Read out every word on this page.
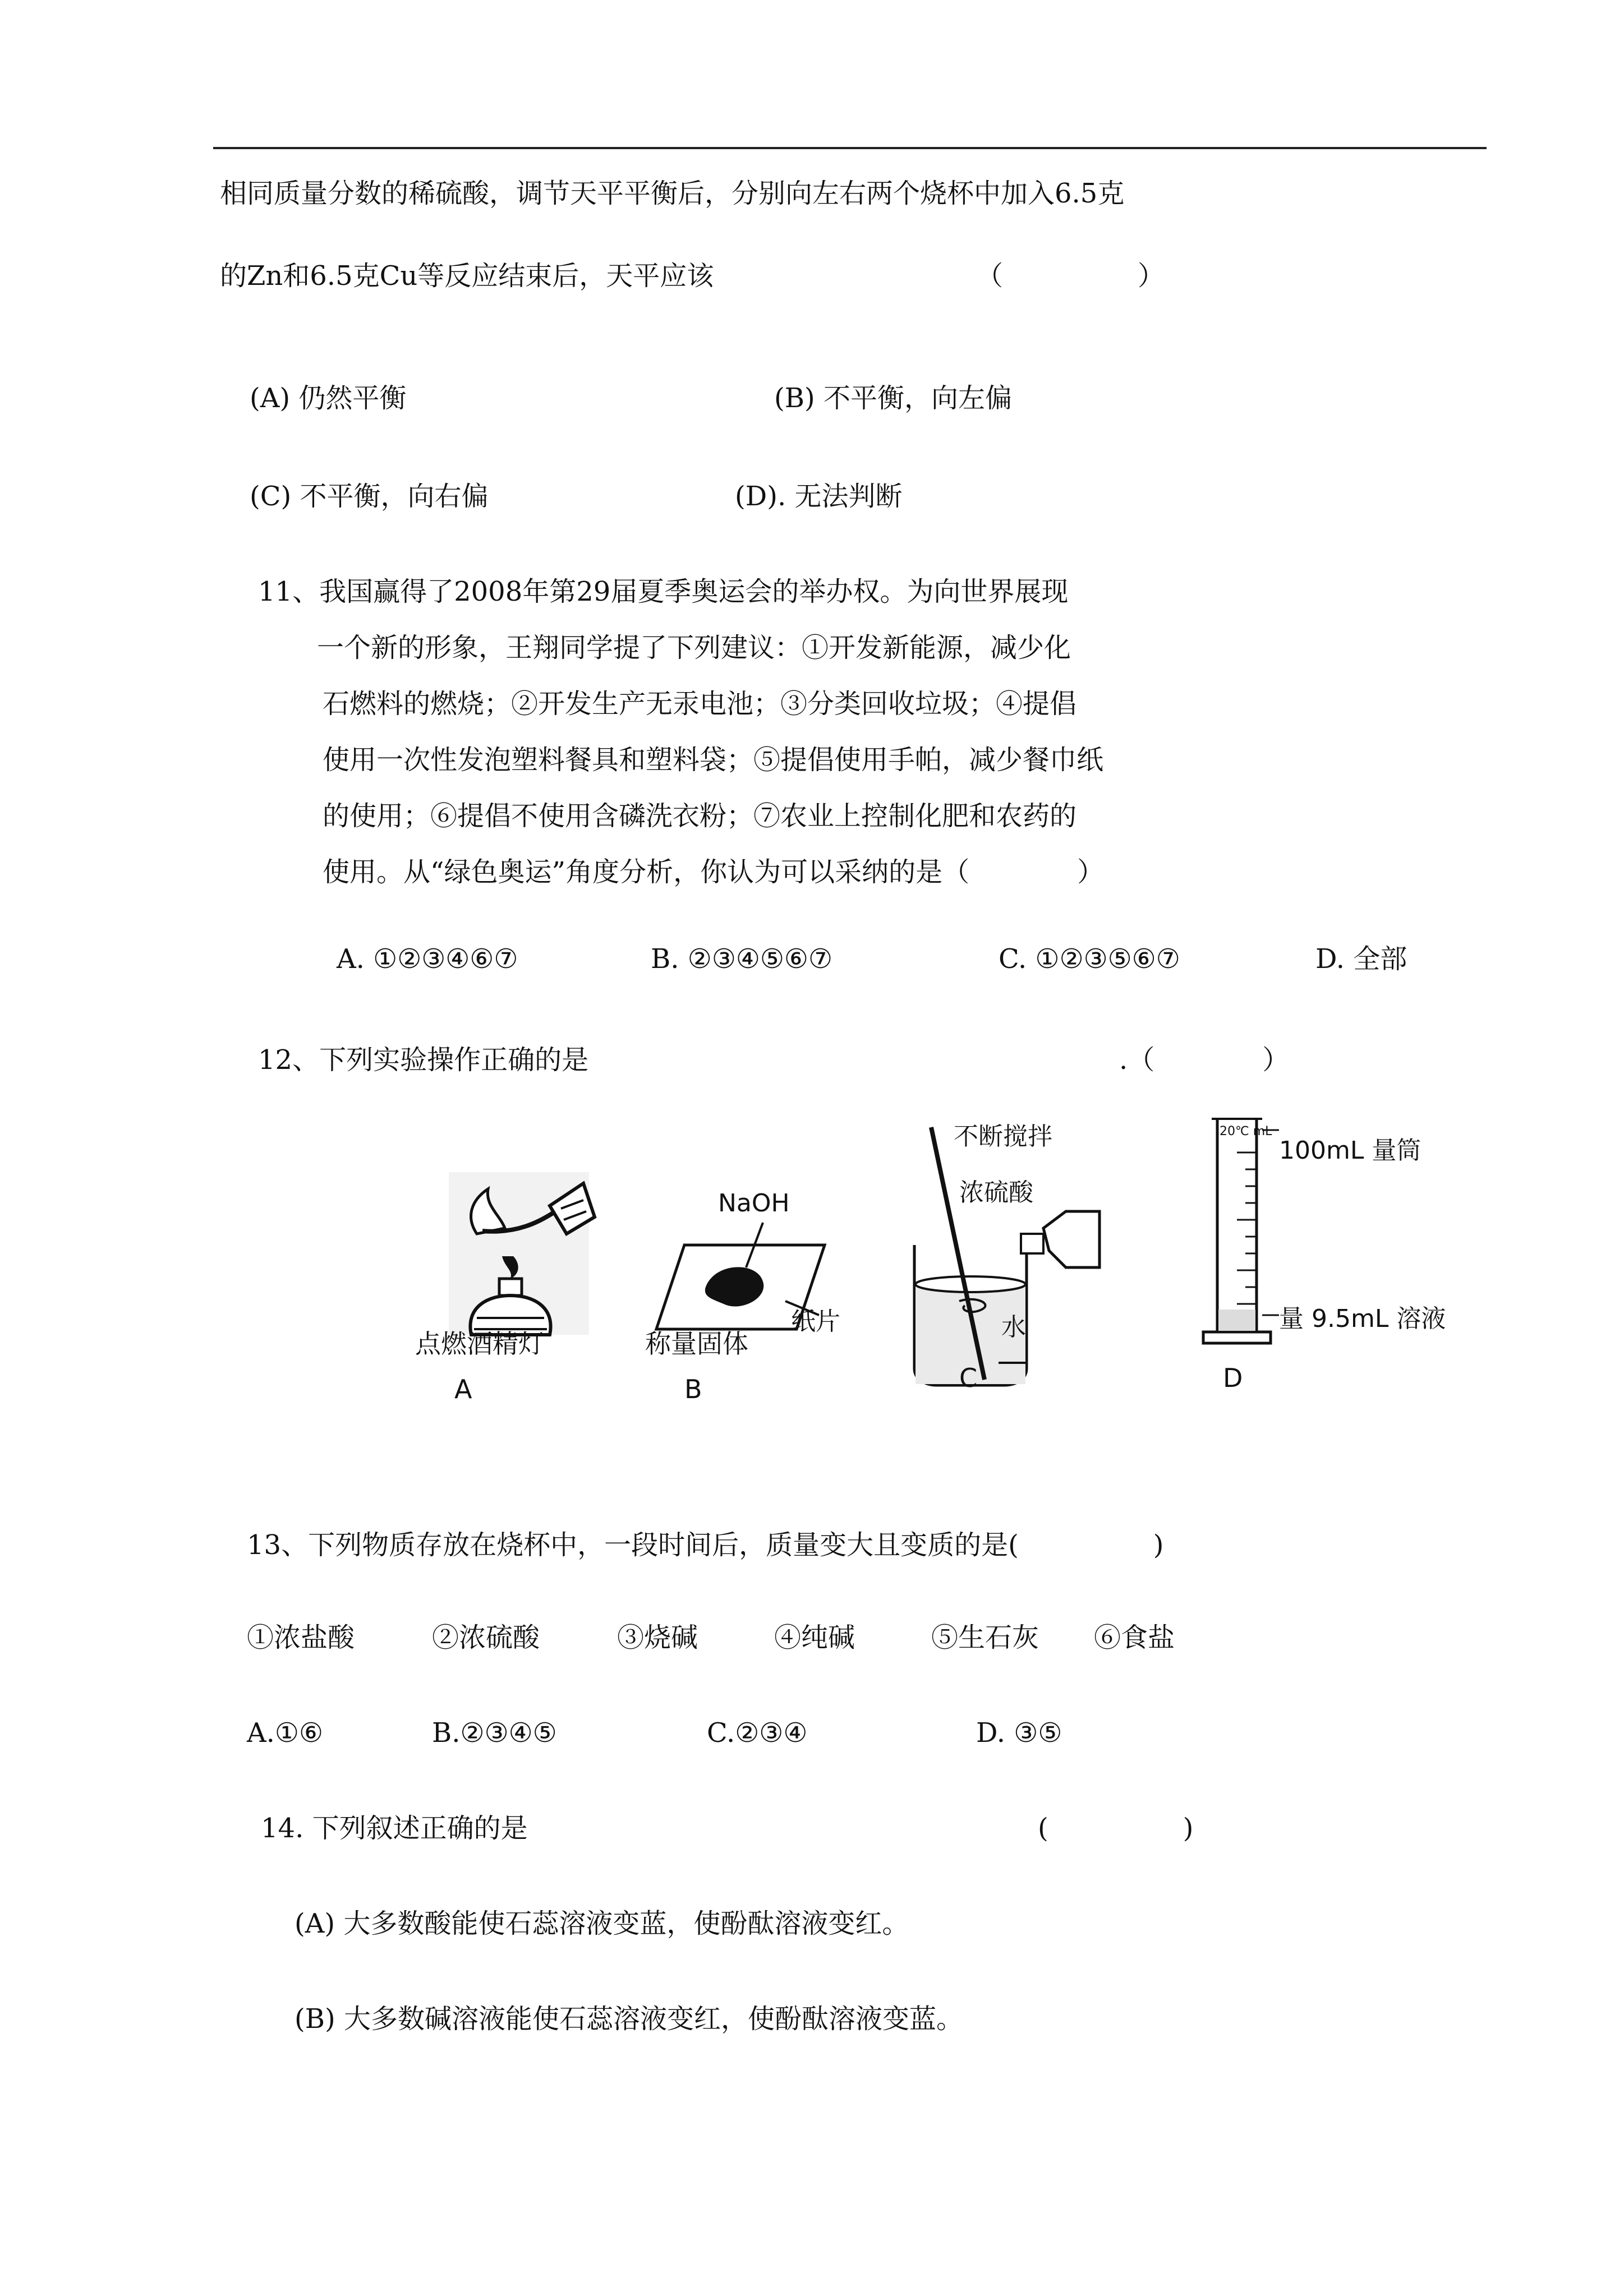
相同质量分数的稀硫酸，调节天平平衡后，分别向左右两个烧杯中加入6.5克
的Zn和6.5克Cu等反应结束后，天平应该	（　　　　　）
(A) 仍然平衡	(B) 不平衡，向左偏
(C) 不平衡，向右偏	(D). 无法判断
11、我国赢得了2008年第29届夏季奥运会的举办权。为向世界展现
一个新的形象，王翔同学提了下列建议：①开发新能源，减少化
石燃料的燃烧；②开发生产无汞电池；③分类回收垃圾；④提倡
使用一次性发泡塑料餐具和塑料袋；⑤提倡使用手帕，减少餐巾纸
的使用；⑥提倡不使用含磷洗衣粉；⑦农业上控制化肥和农药的
使用。从“绿色奥运”角度分析，你认为可以采纳的是（　　　　）
A. ①②③④⑥⑦	B. ②③④⑤⑥⑦	C. ①②③⑤⑥⑦	D. 全部
12、下列实验操作正确的是	.（　　　　）
点燃酒精灯
A
NaOH
纸片
称量固体
B
不断搅拌
浓硫酸
水
C
20℃ mL
100mL 量筒
量 9.5mL 溶液
D
13、下列物质存放在烧杯中，一段时间后，质量变大且变质的是(　　　　　)
①浓盐酸	②浓硫酸	③烧碱	④纯碱	⑤生石灰 ⑥食盐
A.①⑥	B.②③④⑤	C.②③④	D. ③⑤
14. 下列叙述正确的是	(　　　　　)
(A) 大多数酸能使石蕊溶液变蓝，使酚酞溶液变红。
(B) 大多数碱溶液能使石蕊溶液变红，使酚酞溶液变蓝。
